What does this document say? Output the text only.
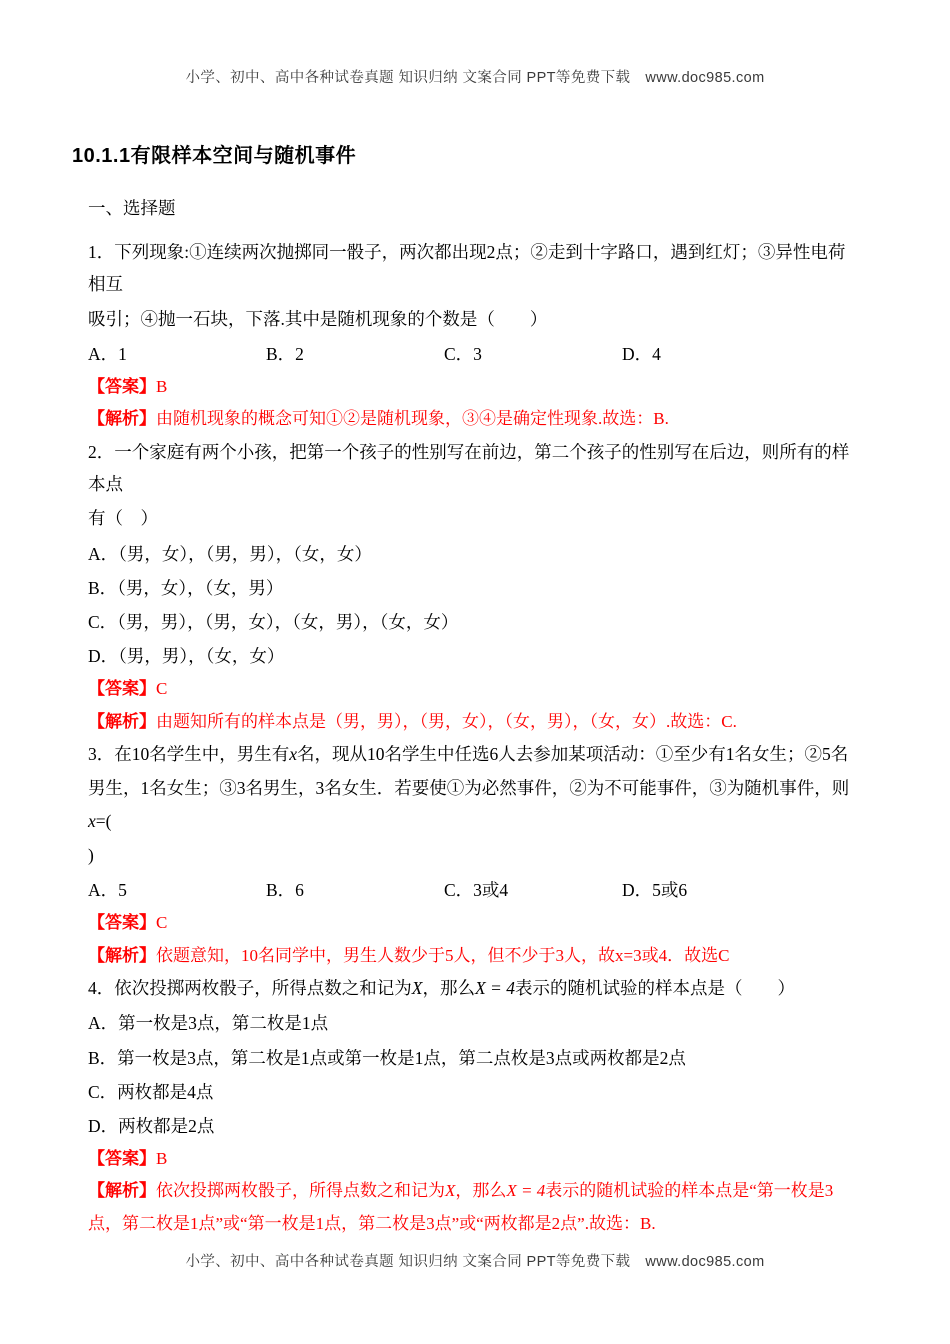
小学、初中、高中各种试卷真题 知识归纳 文案合同 PPT等免费下载　www.doc985.com
10.1.1有限样本空间与随机事件
一、选择题
1．下列现象:①连续两次抛掷同一骰子，两次都出现2点；②走到十字路口，遇到红灯；③异性电荷相互
吸引；④抛一石块，下落.其中是随机现象的个数是（　　）
A．1	B．2	C．3	D．4
【答案】B
【解析】由随机现象的概念可知①②是随机现象，③④是确定性现象.故选：B.
2．一个家庭有两个小孩，把第一个孩子的性别写在前边，第二个孩子的性别写在后边，则所有的样本点
有（　）
A．（男，女），（男，男），（女，女）
B．（男，女），（女，男）
C．（男，男），（男，女），（女，男），（女，女）
D．（男，男），（女，女）
【答案】C
【解析】由题知所有的样本点是（男，男），（男，女），（女，男），（女，女）.故选：C.
3．在10名学生中，男生有x名，现从10名学生中任选6人去参加某项活动：①至少有1名女生；②5名
男生，1名女生；③3名男生，3名女生．若要使①为必然事件，②为不可能事件，③为随机事件，则x=(
)
A．5	B．6	C．3或4	D．5或6
【答案】C
【解析】依题意知，10名同学中，男生人数少于5人，但不少于3人，故x=3或4．故选C
4．依次投掷两枚骰子，所得点数之和记为X，那么X = 4表示的随机试验的样本点是（　　）
A．第一枚是3点，第二枚是1点
B．第一枚是3点，第二枚是1点或第一枚是1点，第二点枚是3点或两枚都是2点
C．两枚都是4点
D．两枚都是2点
【答案】B
【解析】依次投掷两枚骰子，所得点数之和记为X，那么X = 4表示的随机试验的样本点是“第一枚是3
点，第二枚是1点”或“第一枚是1点，第二枚是3点”或“两枚都是2点”.故选：B.
小学、初中、高中各种试卷真题 知识归纳 文案合同 PPT等免费下载　www.doc985.com
